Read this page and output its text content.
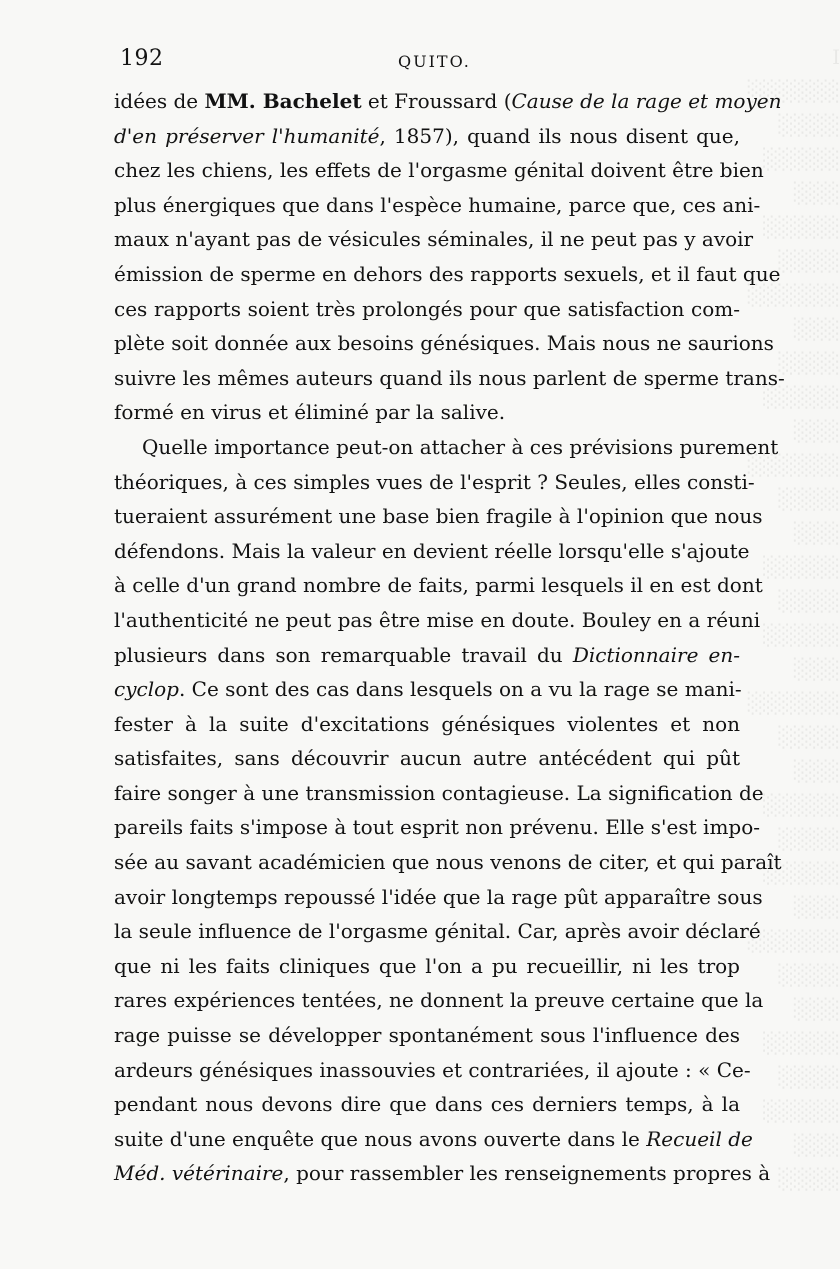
Ⅰ
░░░░░░
░░░░
░░░░░
░░░
░░░░░
░░░░
░░░░░░
░░░
░░░░
░░░░░
░░░
░░░░░░
░░░░
░░░
░░░░░
░░░░
░░░░░
░░░
░░░░░░
░░░░
░░░
░░░░░
░░░░
░░░░░
░░░
░░░░░░
░░░░
░░░
░░░░░
░░░░
░░░░░
░░░
░░░░
192	QUITO.

idées de MM. Bachelet et Froussard (Cause de la rage et moyen
d'en préserver l'humanité, 1857), quand ils nous disent que,
chez les chiens, les effets de l'orgasme génital doivent être bien
plus énergiques que dans l'espèce humaine, parce que, ces ani-
maux n'ayant pas de vésicules séminales, il ne peut pas y avoir
émission de sperme en dehors des rapports sexuels, et il faut que
ces rapports soient très prolongés pour que satisfaction com-
plète soit donnée aux besoins génésiques. Mais nous ne saurions
suivre les mêmes auteurs quand ils nous parlent de sperme trans-
formé en virus et éliminé par la salive.

Quelle importance peut-on attacher à ces prévisions purement
théoriques, à ces simples vues de l'esprit ? Seules, elles consti-
tueraient assurément une base bien fragile à l'opinion que nous
défendons. Mais la valeur en devient réelle lorsqu'elle s'ajoute
à celle d'un grand nombre de faits, parmi lesquels il en est dont
l'authenticité ne peut pas être mise en doute. Bouley en a réuni
plusieurs dans son remarquable travail du Dictionnaire en-
cyclop. Ce sont des cas dans lesquels on a vu la rage se mani-
fester à la suite d'excitations génésiques violentes et non
satisfaites, sans découvrir aucun autre antécédent qui pût
faire songer à une transmission contagieuse. La signification de
pareils faits s'impose à tout esprit non prévenu. Elle s'est impo-
sée au savant académicien que nous venons de citer, et qui paraît
avoir longtemps repoussé l'idée que la rage pût apparaître sous
la seule influence de l'orgasme génital. Car, après avoir déclaré
que ni les faits cliniques que l'on a pu recueillir, ni les trop
rares expériences tentées, ne donnent la preuve certaine que la
rage puisse se développer spontanément sous l'influence des
ardeurs génésiques inassouvies et contrariées, il ajoute : « Ce-
pendant nous devons dire que dans ces derniers temps, à la
suite d'une enquête que nous avons ouverte dans le Recueil de
Méd. vétérinaire, pour rassembler les renseignements propres à
